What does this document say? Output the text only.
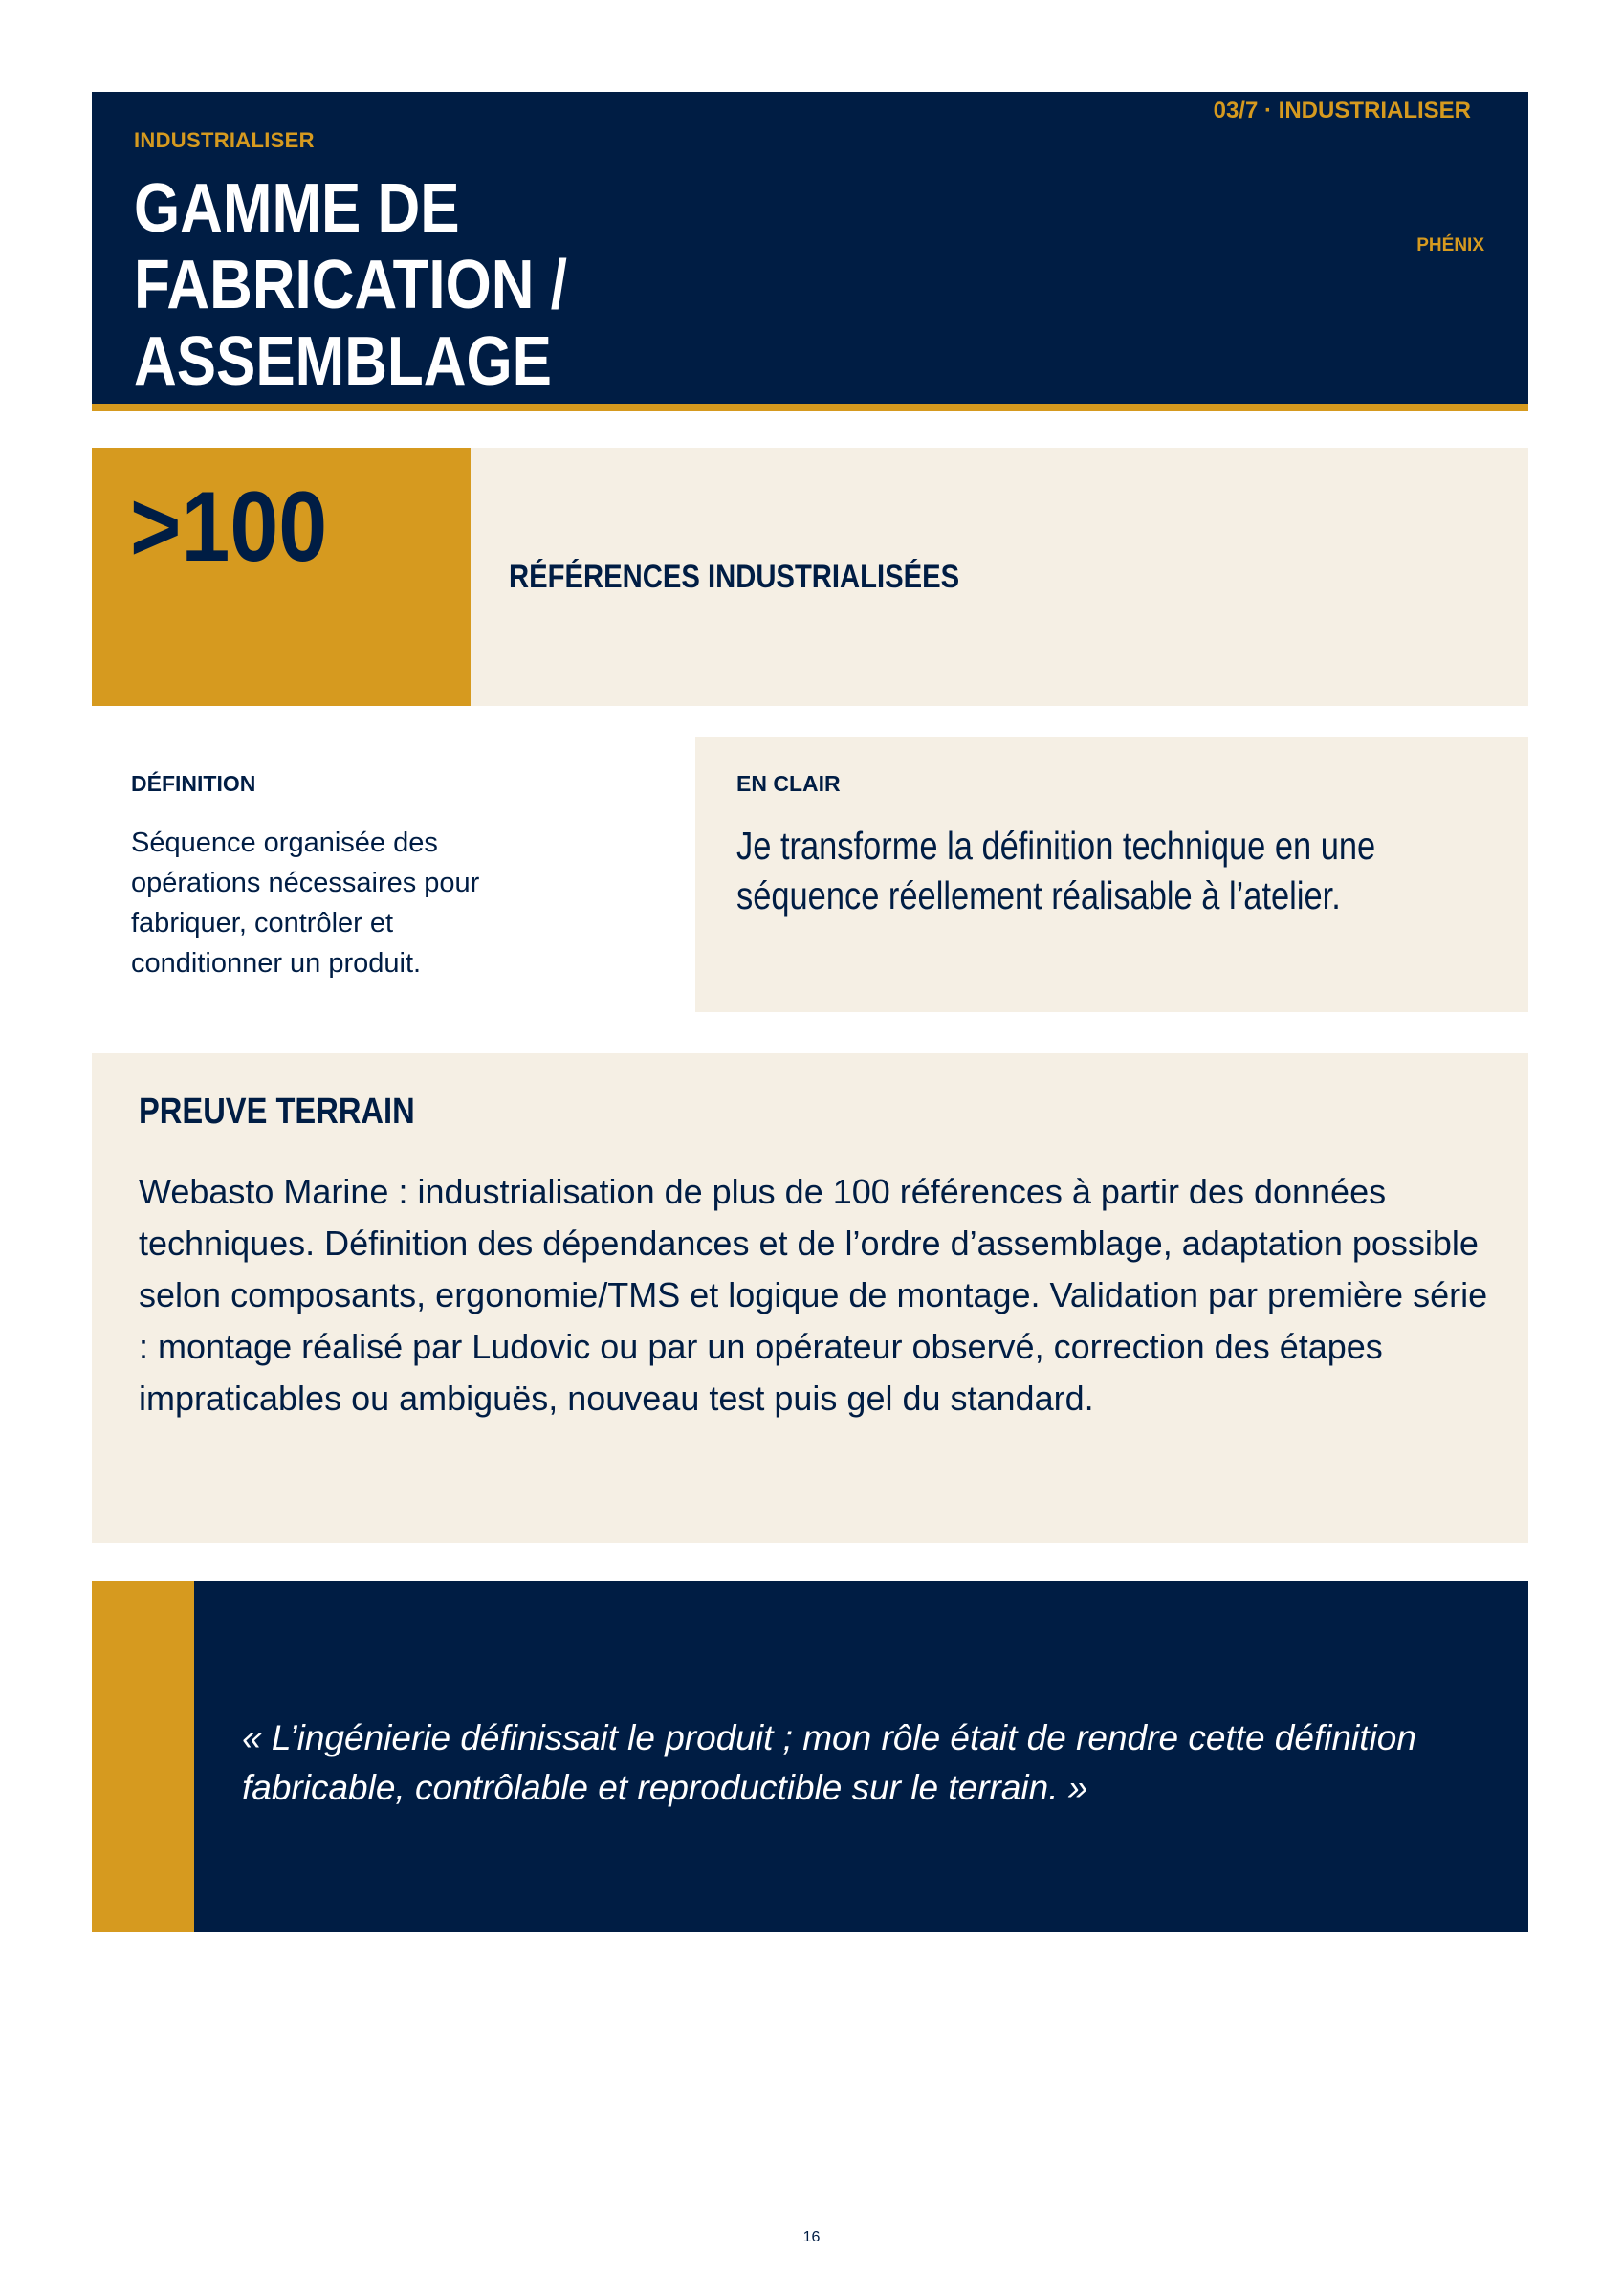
INDUSTRIALISER
GAMME DE FABRICATION / ASSEMBLAGE
03/7 · INDUSTRIALISER
PHÉNIX

>100	RÉFÉRENCES INDUSTRIALISÉES
DÉFINITION
Séquence organisée des opérations nécessaires pour fabriquer, contrôler et conditionner un produit.
EN CLAIR
Je transforme la définition technique en une séquence réellement réalisable à l’atelier.
PREUVE TERRAIN
Webasto Marine : industrialisation de plus de 100 références à partir des données techniques. Définition des dépendances et de l’ordre d’assemblage, adaptation possible selon composants, ergonomie/TMS et logique de montage. Validation par première série : montage réalisé par Ludovic ou par un opérateur observé, correction des étapes impraticables ou ambiguës, nouveau test puis gel du standard.
« L’ingénierie définissait le produit ; mon rôle était de rendre cette définition fabricable, contrôlable et reproductible sur le terrain. »
16
